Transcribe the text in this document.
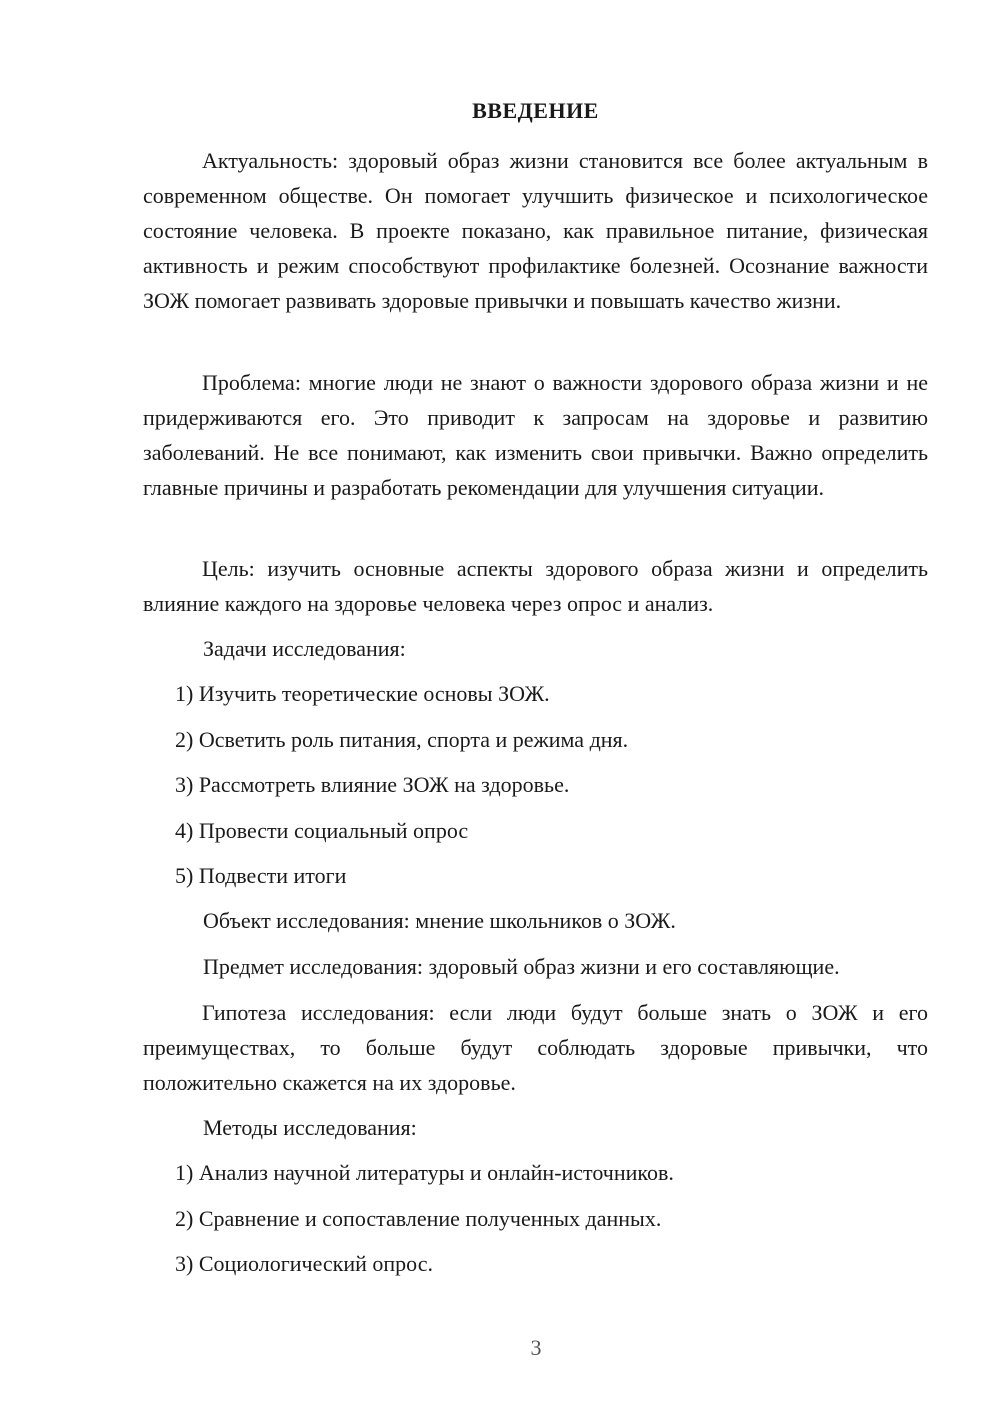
ВВЕДЕНИЕ

Актуальность: здоровый образ жизни становится все более актуальным в современном обществе. Он помогает улучшить физическое и психологическое состояние человека. В проекте показано, как правильное питание, физическая активность и режим способствуют профилактике болезней. Осознание важности ЗОЖ помогает развивать здоровые привычки и повышать качество жизни.

Проблема: многие люди не знают о важности здорового образа жизни и не придерживаются его. Это приводит к запросам на здоровье и развитию заболеваний. Не все понимают, как изменить свои привычки. Важно определить главные причины и разработать рекомендации для улучшения ситуации.

Цель: изучить основные аспекты здорового образа жизни и определить влияние каждого на здоровье человека через опрос и анализ.

Задачи исследования:

1) Изучить теоретические основы ЗОЖ.

2) Осветить роль питания, спорта и режима дня.

3) Рассмотреть влияние ЗОЖ на здоровье.

4) Провести социальный опрос

5) Подвести итоги

Объект исследования: мнение школьников о ЗОЖ.

Предмет исследования: здоровый образ жизни и его составляющие.

Гипотеза исследования: если люди будут больше знать о ЗОЖ и его преимуществах, то больше будут соблюдать здоровые привычки, что положительно скажется на их здоровье.

Методы исследования:

1) Анализ научной литературы и онлайн-источников.

2) Сравнение и сопоставление полученных данных.

3) Социологический опрос.

3
